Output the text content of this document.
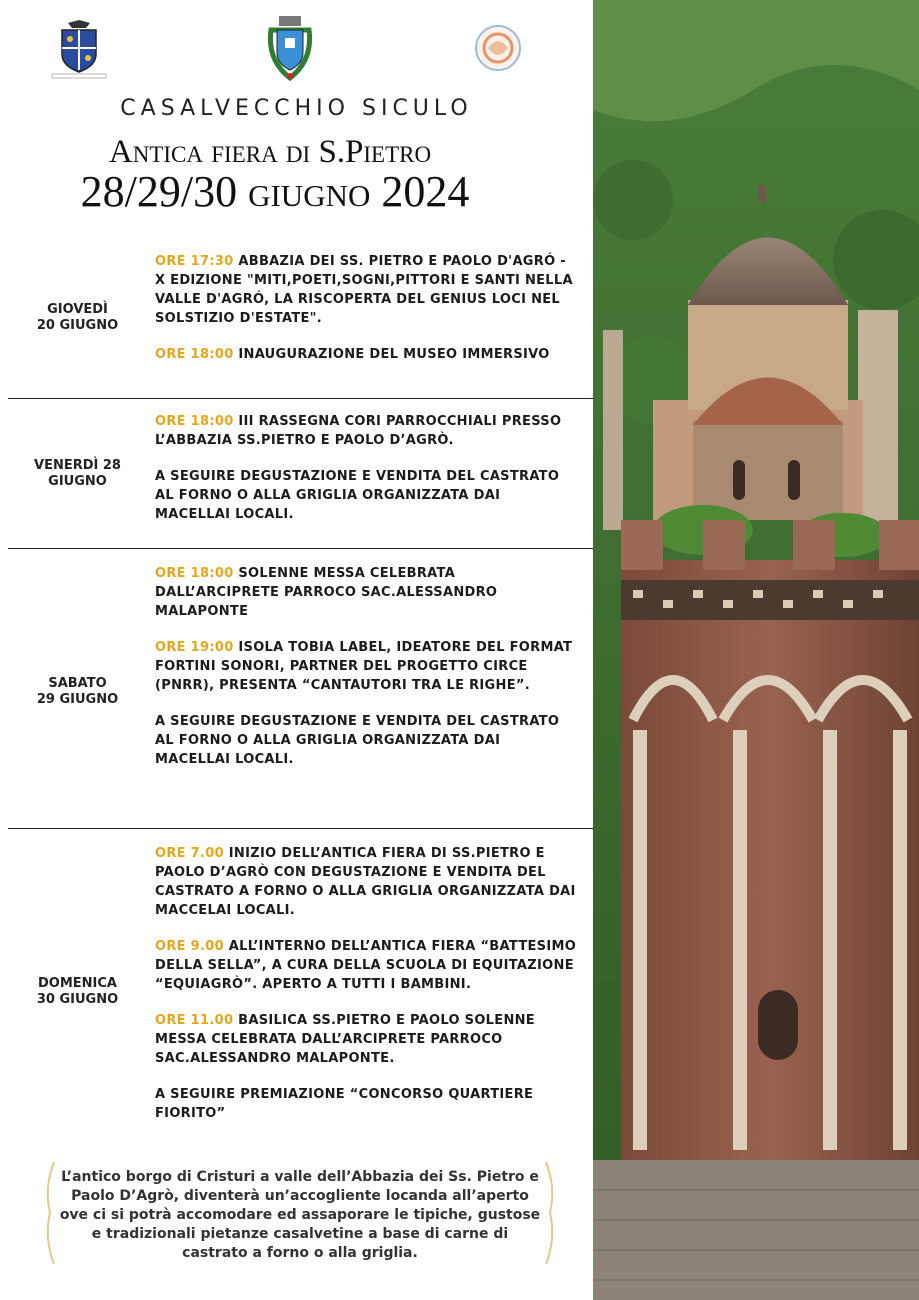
CASALVECCHIO SICULO
Antica fiera di S.Pietro
28/29/30 giugno 2024
GIOVEDÌ
20 GIUGNO
ORE 17:30 ABBAZIA DEI SS. PIETRO E PAOLO D'AGRÓ - X EDIZIONE "MITI,POETI,SOGNI,PITTORI E SANTI NELLA VALLE D'AGRÓ, LA RISCOPERTA DEL GENIUS LOCI NEL SOLSTIZIO D'ESTATE".
ORE 18:00 INAUGURAZIONE DEL MUSEO IMMERSIVO
VENERDÌ 28
GIUGNO
ORE 18:00 III RASSEGNA CORI PARROCCHIALI PRESSO L’ABBAZIA SS.PIETRO E PAOLO D’AGRÒ.
A SEGUIRE DEGUSTAZIONE E VENDITA DEL CASTRATO AL FORNO O ALLA GRIGLIA ORGANIZZATA DAI MACELLAI LOCALI.
SABATO
29 GIUGNO
ORE 18:00 SOLENNE MESSA CELEBRATA DALL’ARCIPRETE PARROCO SAC.ALESSANDRO MALAPONTE
ORE 19:00 ISOLA TOBIA LABEL, IDEATORE DEL FORMAT FORTINI SONORI, PARTNER DEL PROGETTO CIRCE (PNRR), PRESENTA “CANTAUTORI TRA LE RIGHE”.
A SEGUIRE DEGUSTAZIONE E VENDITA DEL CASTRATO AL FORNO O ALLA GRIGLIA ORGANIZZATA DAI MACELLAI LOCALI.
DOMENICA
30 GIUGNO
ORE 7.00 INIZIO DELL’ANTICA FIERA DI SS.PIETRO E PAOLO D’AGRÒ CON DEGUSTAZIONE E VENDITA DEL CASTRATO A FORNO O ALLA GRIGLIA ORGANIZZATA DAI MACCELAI LOCALI.
ORE 9.00 ALL’INTERNO DELL’ANTICA FIERA “BATTESIMO DELLA SELLA”, A CURA DELLA SCUOLA DI EQUITAZIONE “EQUIAGRÒ”. APERTO A TUTTI I BAMBINI.
ORE 11.00 BASILICA SS.PIETRO E PAOLO SOLENNE MESSA CELEBRATA DALL’ARCIPRETE PARROCO SAC.ALESSANDRO MALAPONTE.
A SEGUIRE PREMIAZIONE “CONCORSO QUARTIERE FIORITO”
L’antico borgo di Cristuri a valle dell’Abbazia dei Ss. Pietro e Paolo D’Agrò, diventerà un’accogliente locanda all’aperto ove ci si potrà accomodare ed assaporare le tipiche, gustose e tradizionali pietanze casalvetine a base di carne di castrato a forno o alla griglia.
